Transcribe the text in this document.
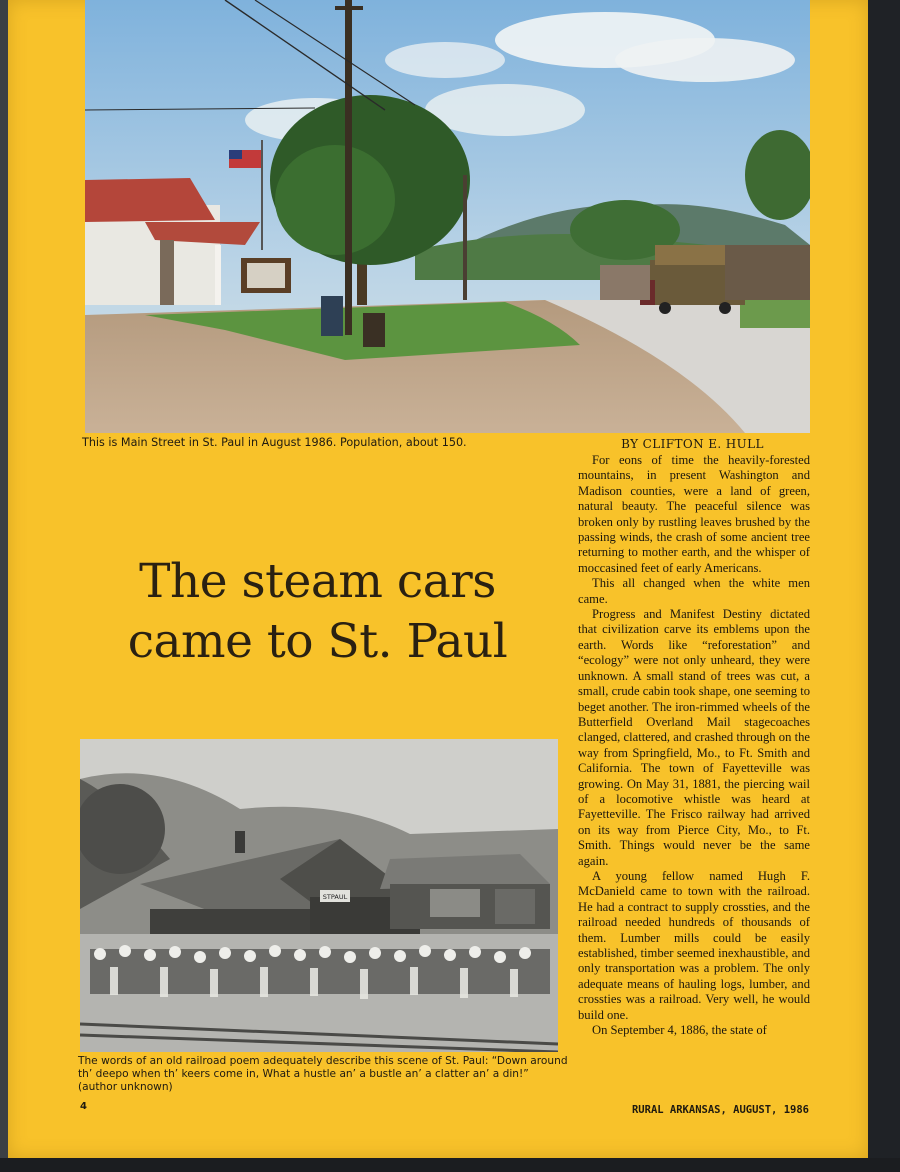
This is Main Street in St. Paul in August 1986. Population, about 150.
The steam cars
came to St. Paul
BY CLIFTON E. HULL

For eons of time the heavily-forested mountains, in present Washington and Madison counties, were a land of green, natural beauty. The peaceful silence was broken only by rustling leaves brushed by the passing winds, the crash of some ancient tree returning to mother earth, and the whisper of moccasined feet of early Americans.

This all changed when the white men came.

Progress and Manifest Destiny dictated that civilization carve its emblems upon the earth. Words like “reforestation” and “ecology” were not only unheard, they were unknown. A small stand of trees was cut, a small, crude cabin took shape, one seeming to beget another. The iron-rimmed wheels of the Butterfield Overland Mail stagecoaches clanged, clattered, and crashed through on the way from Springfield, Mo., to Ft. Smith and California. The town of Fayetteville was growing. On May 31, 1881, the piercing wail of a locomotive whistle was heard at Fayetteville. The Frisco railway had arrived on its way from Pierce City, Mo., to Ft. Smith. Things would never be the same again.

A young fellow named Hugh F. McDanield came to town with the railroad. He had a contract to supply crossties, and the railroad needed hundreds of thousands of them. Lumber mills could be easily established, timber seemed inexhaustible, and only transportation was a problem. The only adequate means of hauling logs, lumber, and crossties was a railroad. Very well, he would build one.

On September 4, 1886, the state of

STPAUL
The words of an old railroad poem adequately describe this scene of St. Paul: “Down around th’ deepo when th’ keers come in, What a hustle an’ a bustle an’ a clatter an’ a din!” (author unknown)
4	RURAL ARKANSAS, AUGUST, 1986
